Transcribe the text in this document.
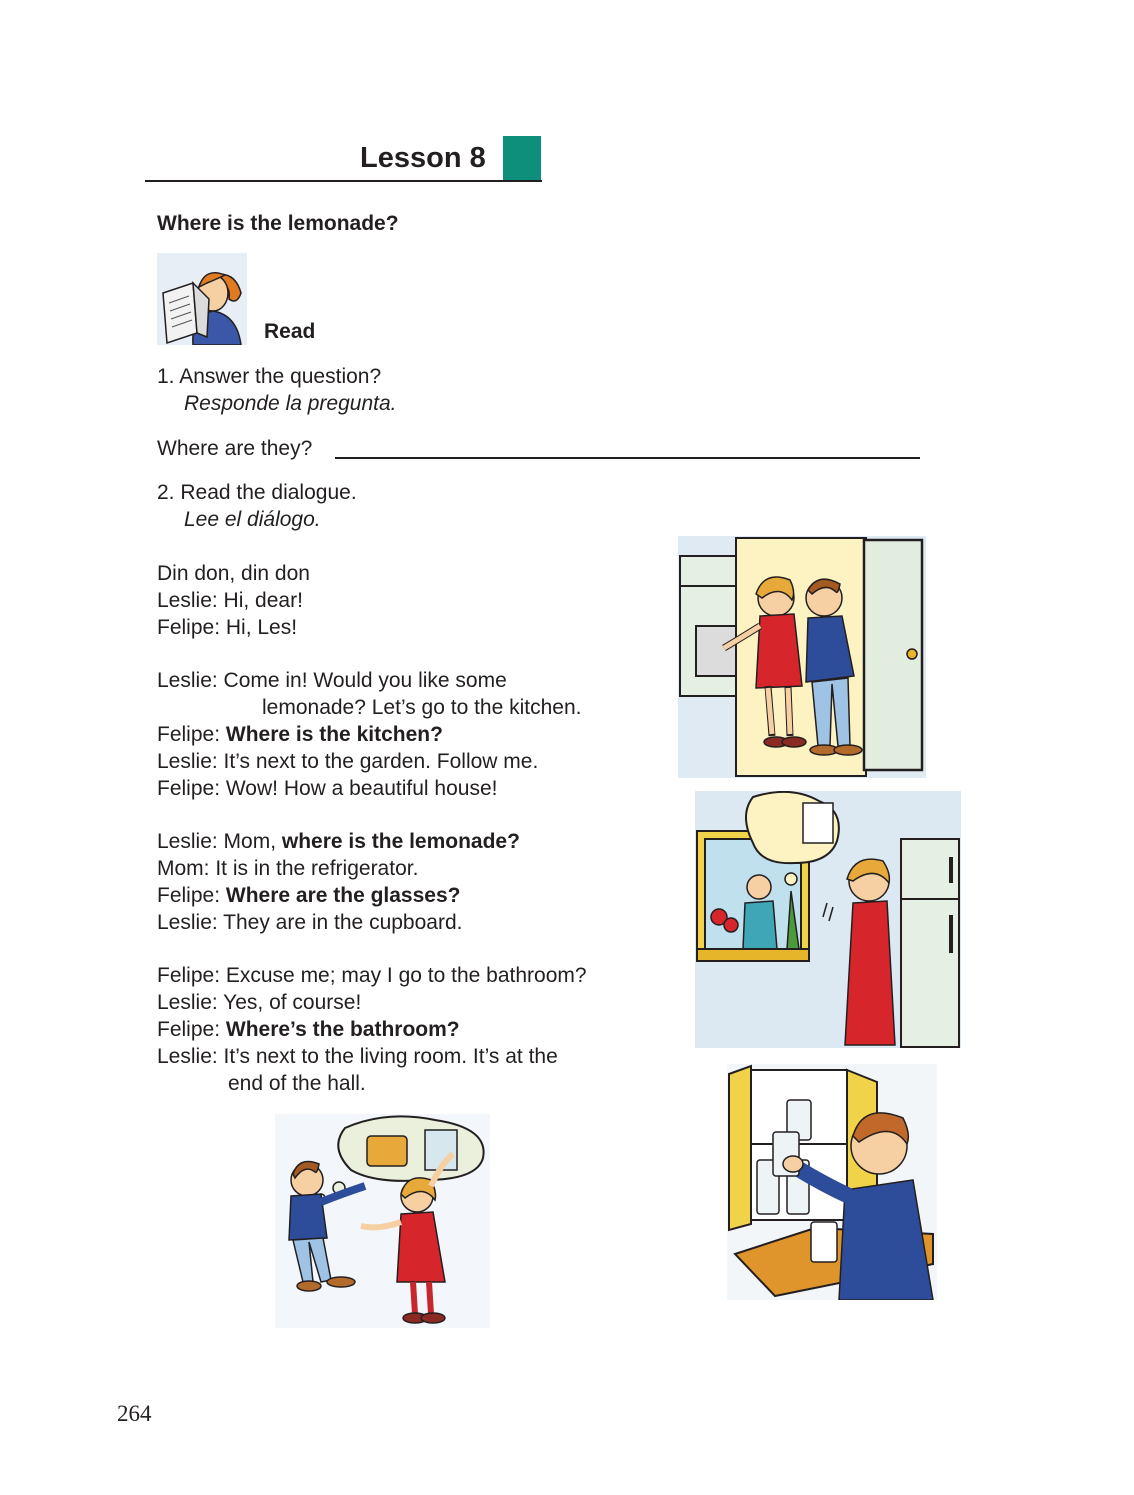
Lesson 8
Where is the lemonade?
Read
1. Answer the question?
Responde la pregunta.
Where are they?
2. Read the dialogue.
Lee el diálogo.
Din don, din don
Leslie: Hi, dear!
Felipe: Hi, Les!
Leslie: Come in! Would you like some
lemonade? Let’s go to the kitchen.
Felipe: Where is the kitchen?
Leslie: It’s next to the garden. Follow me.
Felipe: Wow! How a beautiful house!
Leslie: Mom, where is the lemonade?
Mom: It is in the refrigerator.
Felipe: Where are the glasses?
Leslie: They are in the cupboard.
Felipe: Excuse me; may I go to the bathroom?
Leslie: Yes, of course!
Felipe: Where’s the bathroom?
Leslie: It’s next to the living room. It’s at the
end of the hall.
264
